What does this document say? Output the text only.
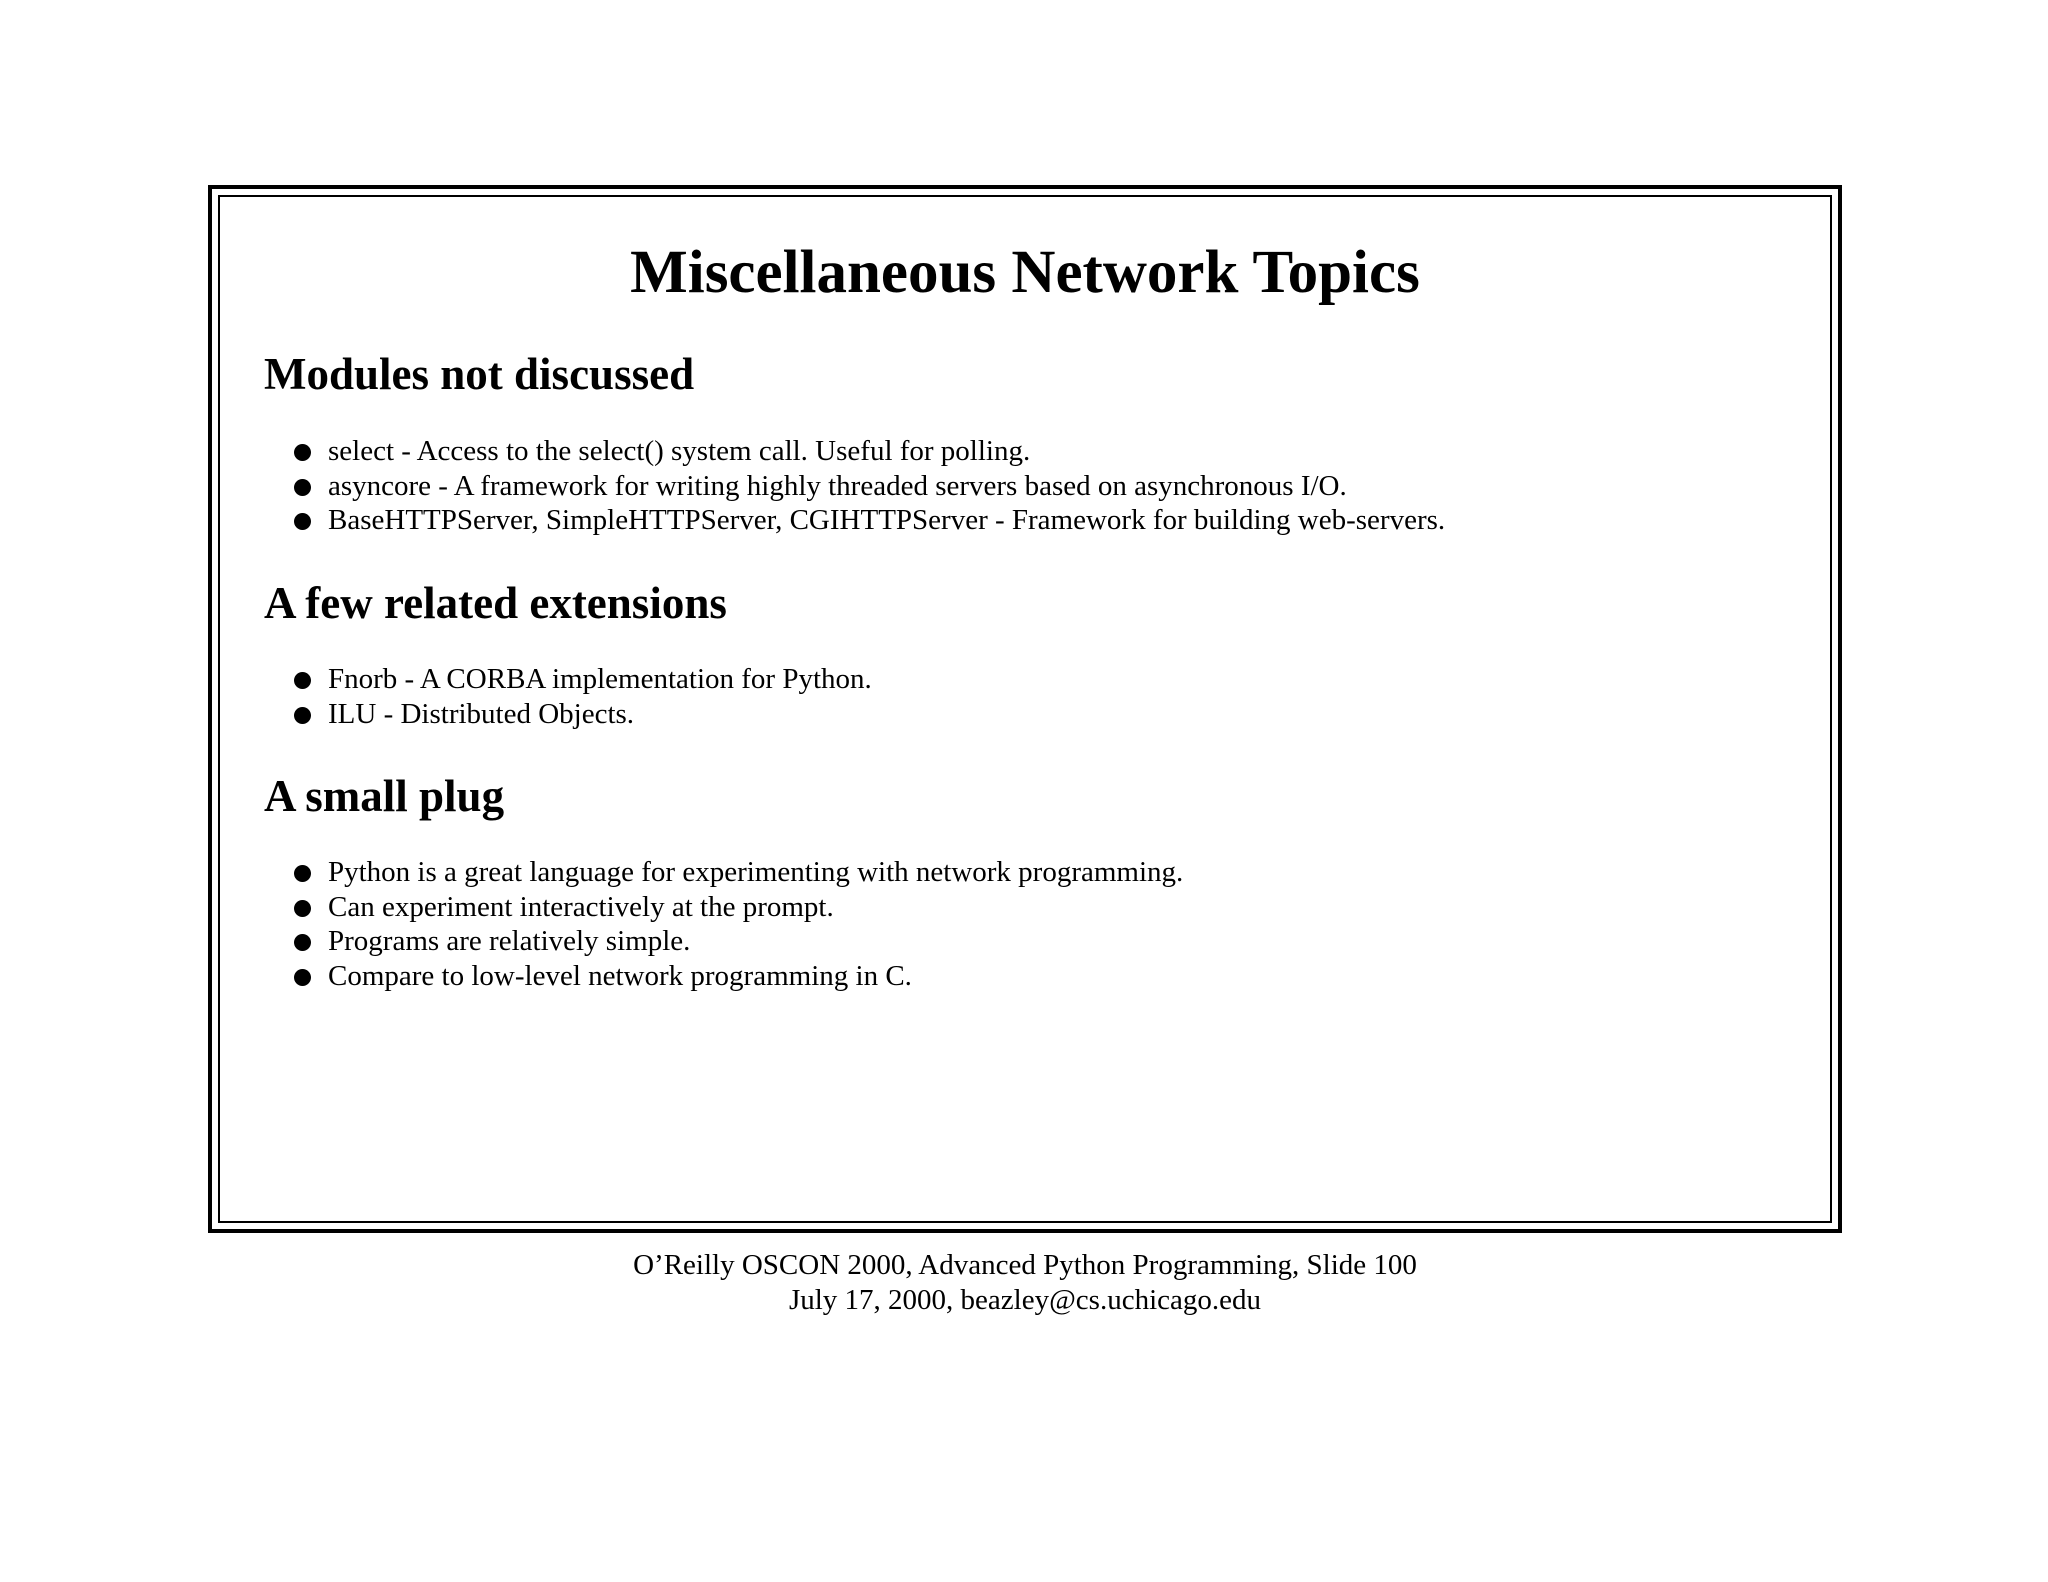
Miscellaneous Network Topics
Modules not discussed
select - Access to the select() system call. Useful for polling.
asyncore - A framework for writing highly threaded servers based on asynchronous I/O.
BaseHTTPServer, SimpleHTTPServer, CGIHTTPServer - Framework for building web-servers.
A few related extensions
Fnorb - A CORBA implementation for Python.
ILU - Distributed Objects.
A small plug
Python is a great language for experimenting with network programming.
Can experiment interactively at the prompt.
Programs are relatively simple.
Compare to low-level network programming in C.
O’Reilly OSCON 2000, Advanced Python Programming, Slide 100
July 17, 2000, beazley@cs.uchicago.edu
